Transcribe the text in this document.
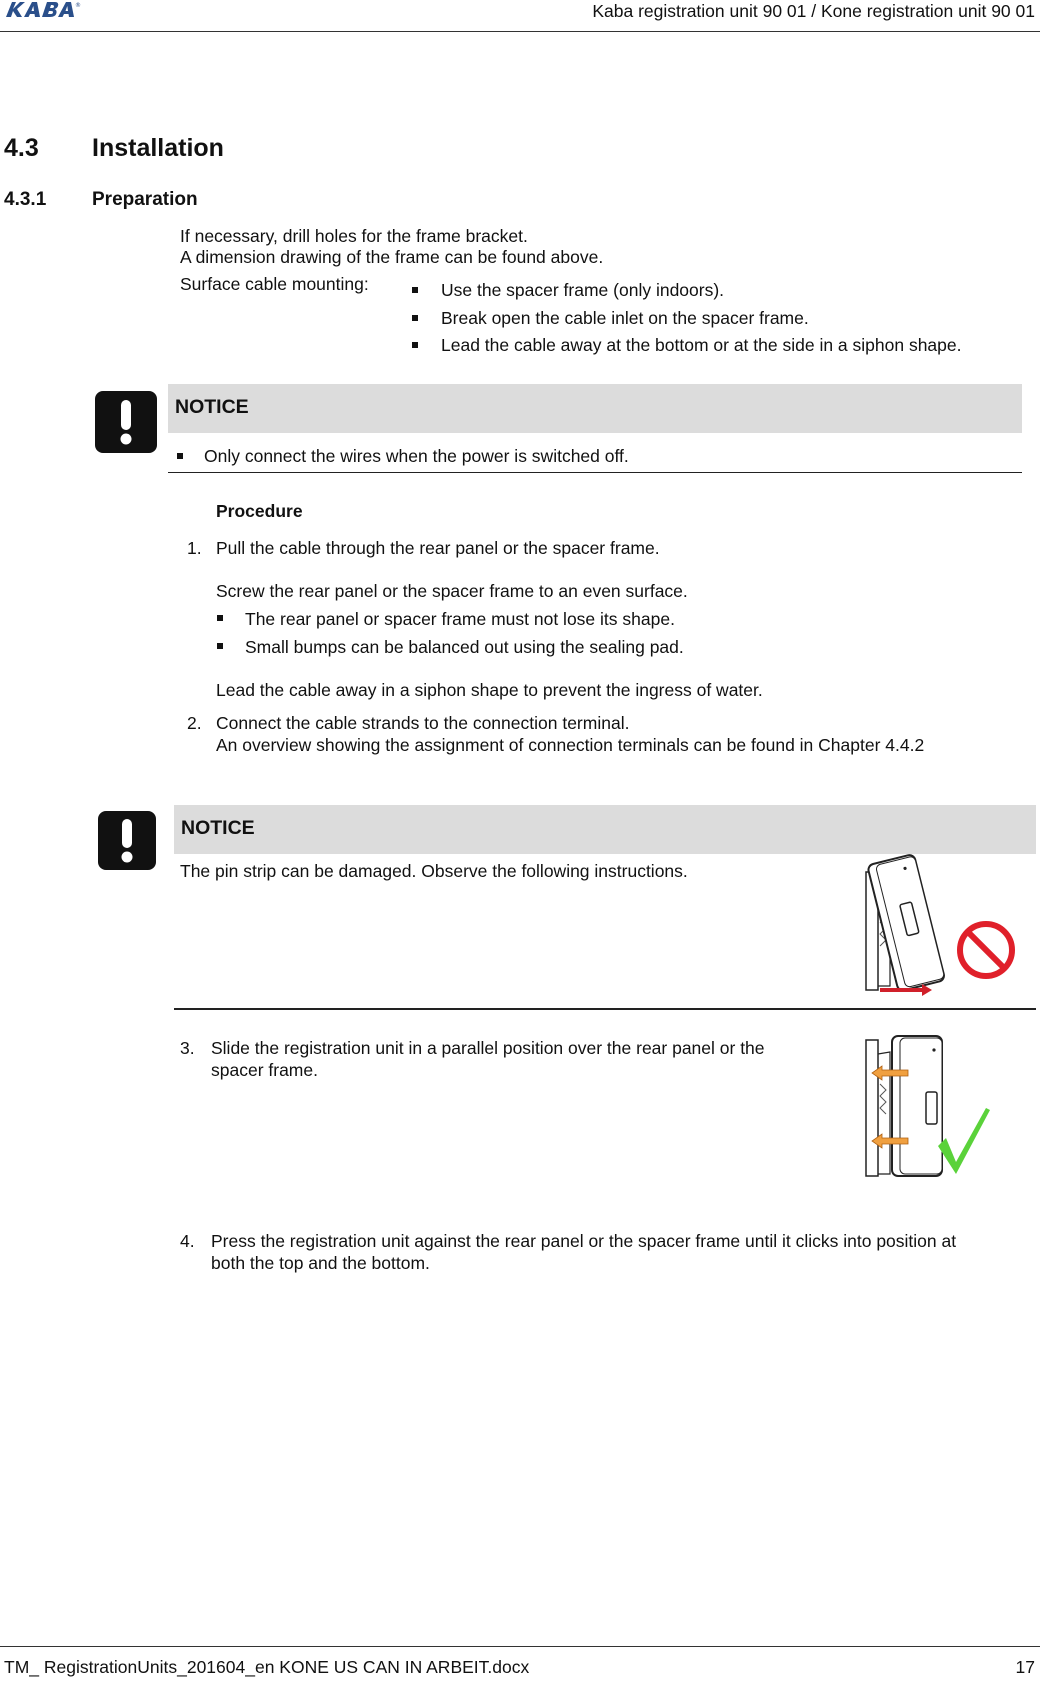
®	Kaba registration unit 90 01 / Kone registration unit 90 01
4.3 Installation
4.3.1 Preparation
If necessary, drill holes for the frame bracket.
A dimension drawing of the frame can be found above.
Surface cable mounting:	Use the spacer frame (only indoors).
Break open the cable inlet on the spacer frame.
Lead the cable away at the bottom or at the side in a siphon shape.
NOTICE
Only connect the wires when the power is switched off.
Procedure
1. Pull the cable through the rear panel or the spacer frame.
Screw the rear panel or the spacer frame to an even surface.
The rear panel or spacer frame must not lose its shape.
Small bumps can be balanced out using the sealing pad.
Lead the cable away in a siphon shape to prevent the ingress of water.
2. Connect the cable strands to the connection terminal.
An overview showing the assignment of connection terminals can be found in Chapter 4.4.2
NOTICE
The pin strip can be damaged. Observe the following instructions.
3. Slide the registration unit in a parallel position over the rear panel or the
spacer frame.
4. Press the registration unit against the rear panel or the spacer frame until it clicks into position at
both the top and the bottom.
TM_ RegistrationUnits_201604_en KONE US CAN IN ARBEIT.docx	17
